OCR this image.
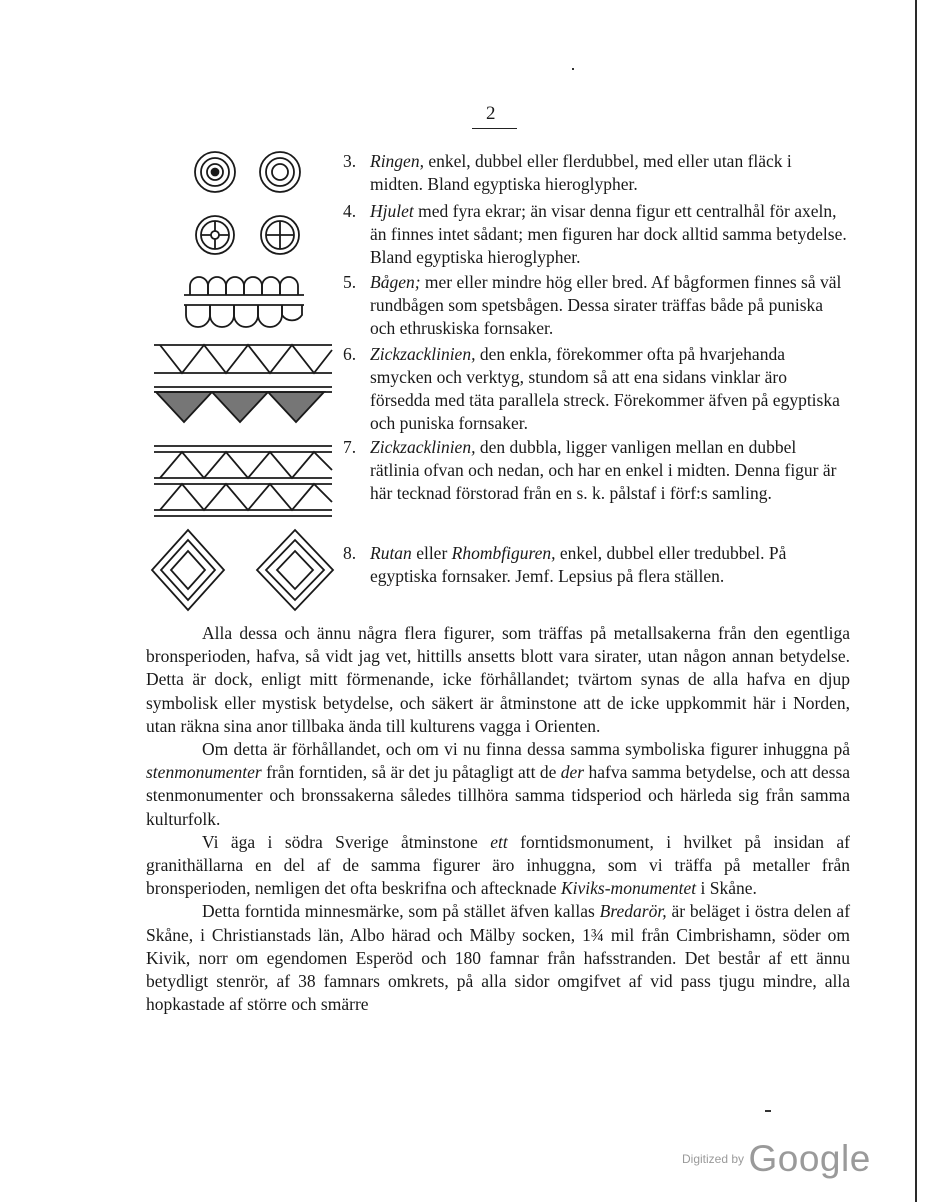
2
3. Ringen, enkel, dubbel eller flerdubbel, med eller utan fläck i midten. Bland egyptiska hieroglypher.
4. Hjulet med fyra ekrar; än visar denna figur ett centralhål för axeln, än finnes intet sådant; men figuren har dock alltid samma betydelse. Bland egyptiska hieroglypher.
5. Bågen; mer eller mindre hög eller bred. Af bågformen finnes så väl rundbågen som spetsbågen. Dessa sirater träffas både på puniska och ethruskiska fornsaker.
6. Zickzacklinien, den enkla, förekommer ofta på hvarjehanda smycken och verktyg, stundom så att ena sidans vinklar äro försedda med täta parallela streck. Förekommer äfven på egyptiska och puniska fornsaker.
7. Zickzacklinien, den dubbla, ligger vanligen mellan en dubbel rätlinia ofvan och nedan, och har en enkel i midten. Denna figur är här tecknad förstorad från en s. k. pålstaf i förf:s samling.
8. Rutan eller Rhombfiguren, enkel, dubbel eller tredubbel. På egyptiska fornsaker. Jemf. Lepsius på flera ställen.

Alla dessa och ännu några flera figurer, som träffas på metallsakerna från den egentliga bronsperioden, hafva, så vidt jag vet, hittills ansetts blott vara sirater, utan någon annan betydelse. Detta är dock, enligt mitt förmenande, icke förhållandet; tvärtom synas de alla hafva en djup symbolisk eller mystisk betydelse, och säkert är åtminstone att de icke uppkommit här i Norden, utan räkna sina anor tillbaka ända till kulturens vagga i Orienten.

Om detta är förhållandet, och om vi nu finna dessa samma symboliska figurer inhuggna på stenmonumenter från forntiden, så är det ju påtagligt att de der hafva samma betydelse, och att dessa stenmonumenter och bronssakerna således tillhöra samma tidsperiod och härleda sig från samma kulturfolk.

Vi äga i södra Sverige åtminstone ett forntidsmonument, i hvilket på insidan af granithällarna en del af de samma figurer äro inhuggna, som vi träffa på metaller från bronsperioden, nemligen det ofta beskrifna och aftecknade Kiviks-monumentet i Skåne.

Detta forntida minnesmärke, som på stället äfven kallas Bredarör, är beläget i östra delen af Skåne, i Christianstads län, Albo härad och Mälby socken, 1¾ mil från Cimbrishamn, söder om Kivik, norr om egendomen Esperöd och 180 famnar från hafsstranden. Det består af ett ännu betydligt stenrör, af 38 famnars omkrets, på alla sidor omgifvet af vid pass tjugu mindre, alla hopkastade af större och smärre

Digitized by Google
